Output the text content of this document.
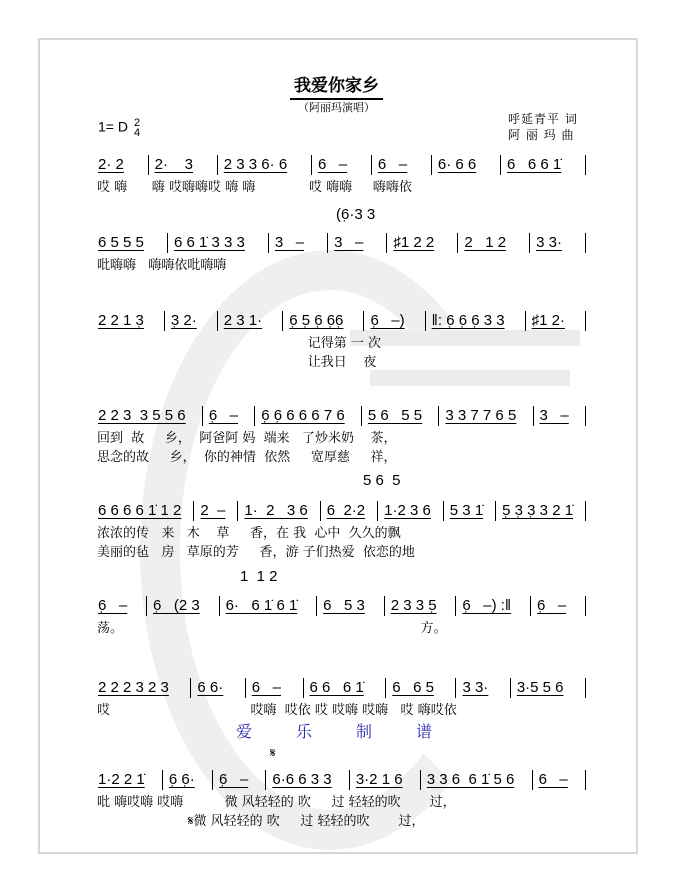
我爱你家乡
（阿丽玛演唱）
1= D 2
4
呼延青平 词
阿 丽 玛 曲
2· 2	2·    3	2 3 3 6· 6	6   –	6   –	6· 6 6	6   6 6 1̇
哎 嗨      嗨 哎嗨嗨哎 嗨 嗨             哎 嗨嗨     嗨嗨依
6 5 5 5	6 6 1̇ 3 3 3	3   –	3   –	♯1 2 2	2   1 2	3 3·
吡嗨嗨   嗨嗨依吡嗨嗨
2 2 1 3̣	3̣ 2·	2 3 1·	6̣ 5̣ 6̣ 6̣6̣	6̣   –)	‖: 6̣ 6̣ 6̣ 3 3	♯1 2·
记得第 一 次
让我日    夜
2 2 3  3 5 5 6	6̣   –	6̣ 6̣ 6 6 6 7 6	5 6   5 5	3 3 7 7 6 5	3   –
回到  故     乡，  阿爸阿 妈  端来   了炒米奶    茶，
思念的故     乡，  你的神情  依然     宽厚慈     祥，
6 6 6 6 1̇ 1 2	2  –	1·  2   3 6	6  2·2	1·2 3 6	5 3 1̇	5̣ 3̣ 3̣ 3 2 1̇
浓浓的传   来   木    草     香，在 我  心中  久久的飘
美丽的毡   房   草原的芳     香，游 子们热爱  依恋的地
6̣   –	6̣   (2 3	6·   6 1̇ 6 1̇	6   5 3	2 3 3 5̣	6̣   –) :‖	6̣   –
荡。                                                                        方。
2 2 2 3 2 3	6 6·	6   –	6 6   6 1̇	6   6 5	3 3·	3·5 5 6
哎                                  哎嗨  哎依 哎 哎嗨 哎嗨   哎 嗨哎依
1·2 2 1̇	6̣ 6̣·	6̣   –	6·6 6 3 3	3·2 1 6	3 3 6  6 1̇ 5 6	6   –
吡 嗨哎嗨 哎嗨          微 风轻轻的 吹     过 轻轻的吹       过，
𝄋微 风轻轻的 吹     过 轻轻的吹       过，
(6̣·3 3
5 6  5
1  1 2
𝄋
爱乐制谱
